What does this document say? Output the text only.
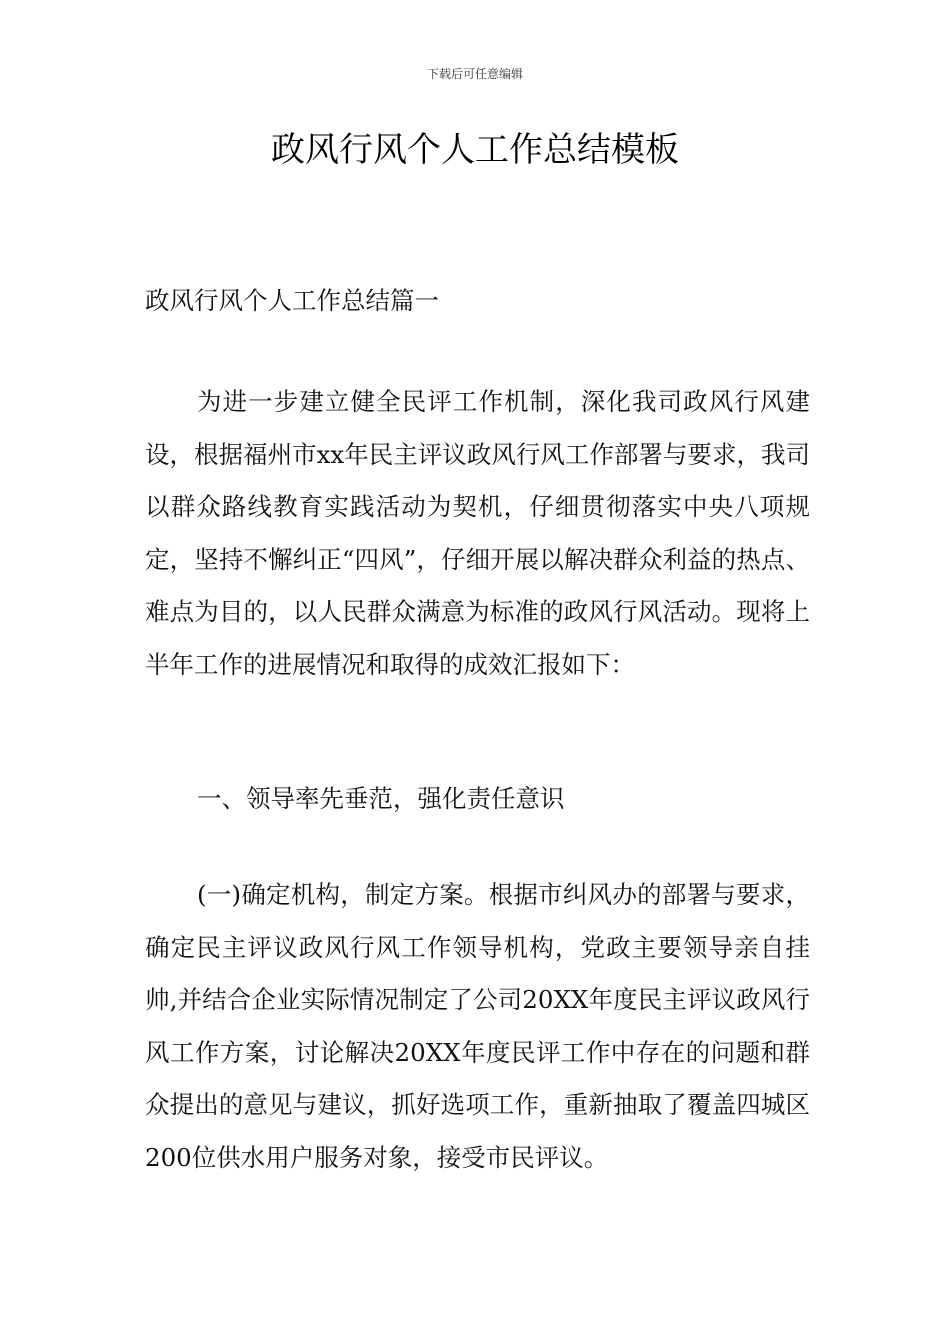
下载后可任意编辑
政风行风个人工作总结模板

政风行风个人工作总结篇一

为进一步建立健全民评工作机制，深化我司政风行风建设，根据福州市xx年民主评议政风行风工作部署与要求，我司以群众路线教育实践活动为契机，仔细贯彻落实中央八项规定，坚持不懈纠正“四风”，仔细开展以解决群众利益的热点、难点为目的，以人民群众满意为标准的政风行风活动。现将上半年工作的进展情况和取得的成效汇报如下：

一、领导率先垂范，强化责任意识

(一)确定机构，制定方案。根据市纠风办的部署与要求，确定民主评议政风行风工作领导机构，党政主要领导亲自挂帅,并结合企业实际情况制定了公司20XX年度民主评议政风行风工作方案，讨论解决20XX年度民评工作中存在的问题和群众提出的意见与建议，抓好选项工作，重新抽取了覆盖四城区200位供水用户服务对象，接受市民评议。
